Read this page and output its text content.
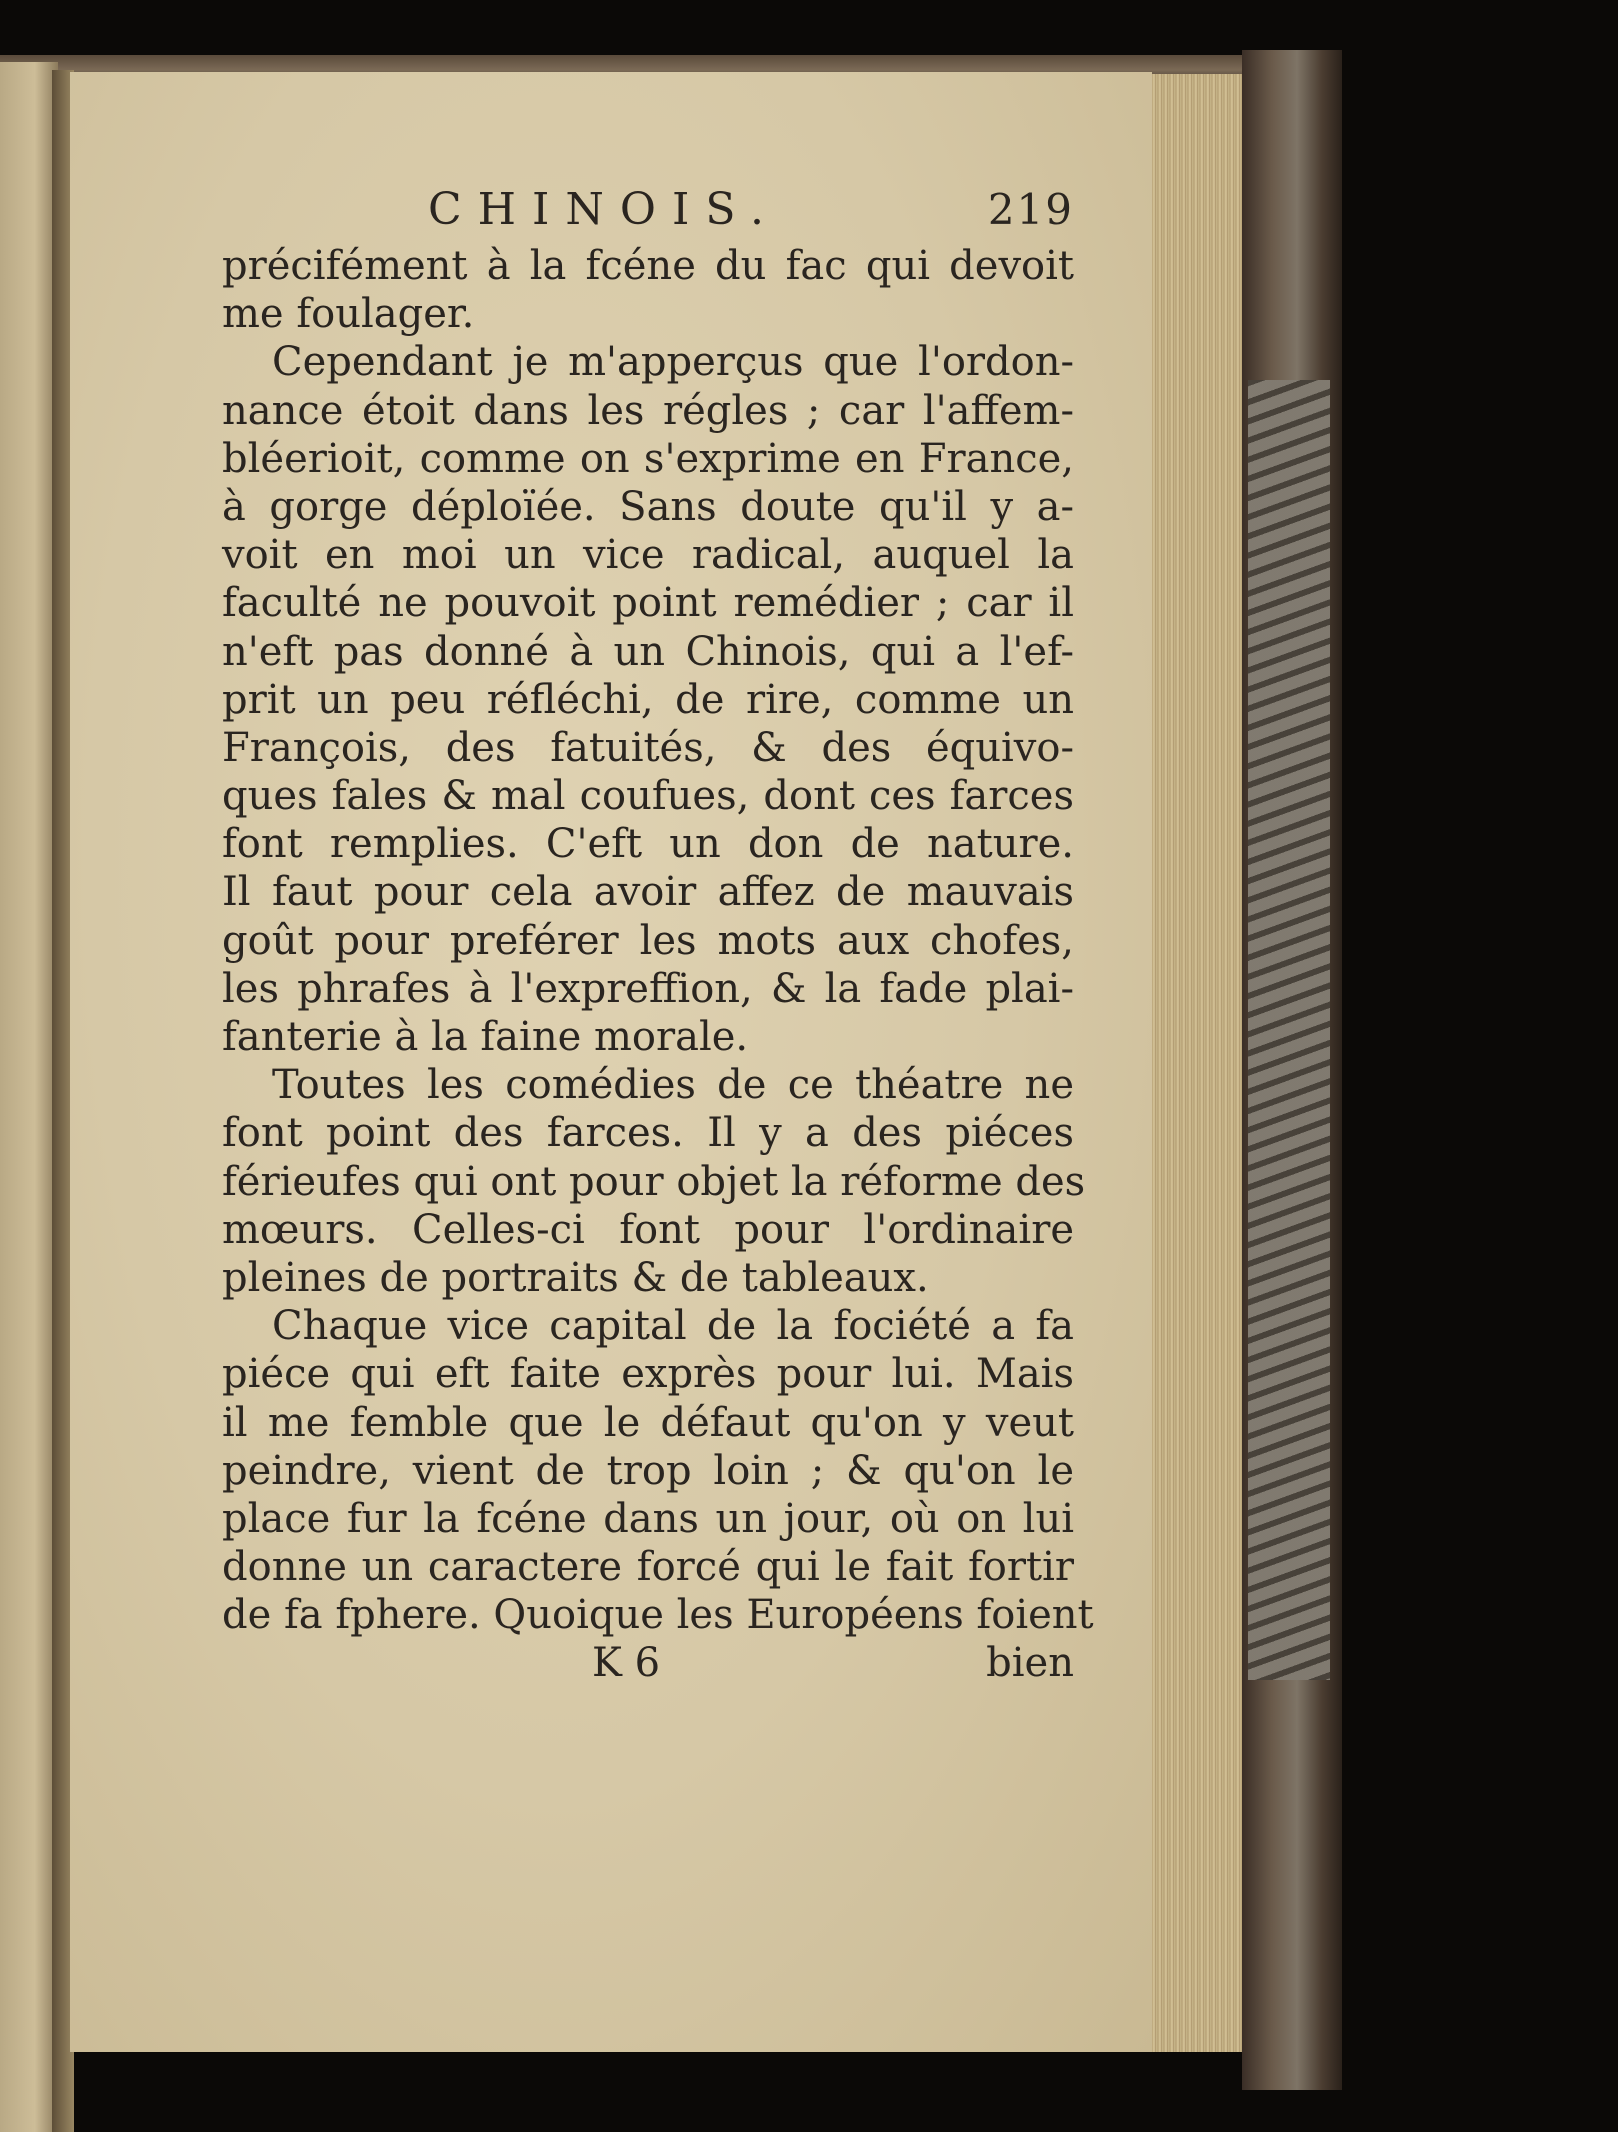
CHINOIS.	219
précifément à la fcéne du fac qui devoit
me foulager.
Cependant je m'apperçus que l'ordon-
nance étoit dans les régles ; car l'affem-
bléerioit, comme on s'exprime en France,
à gorge déploïée. Sans doute qu'il y a-
voit en moi un vice radical, auquel la
faculté ne pouvoit point remédier ; car il
n'eft pas donné à un Chinois, qui a l'ef-
prit un peu réfléchi, de rire, comme un
François, des fatuités, & des équivo-
ques fales & mal coufues, dont ces farces
font remplies. C'eft un don de nature.
Il faut pour cela avoir affez de mauvais
goût pour preférer les mots aux chofes,
les phrafes à l'expreffion, & la fade plai-
fanterie à la faine morale.
Toutes les comédies de ce théatre ne
font point des farces. Il y a des piéces
férieufes qui ont pour objet la réforme des
mœurs. Celles-ci font pour l'ordinaire
pleines de portraits & de tableaux.
Chaque vice capital de la fociété a fa
piéce qui eft faite exprès pour lui. Mais
il me femble que le défaut qu'on y veut
peindre, vient de trop loin ; & qu'on le
place fur la fcéne dans un jour, où on lui
donne un caractere forcé qui le fait fortir
de fa fphere. Quoique les Européens foient
K 6	bien
